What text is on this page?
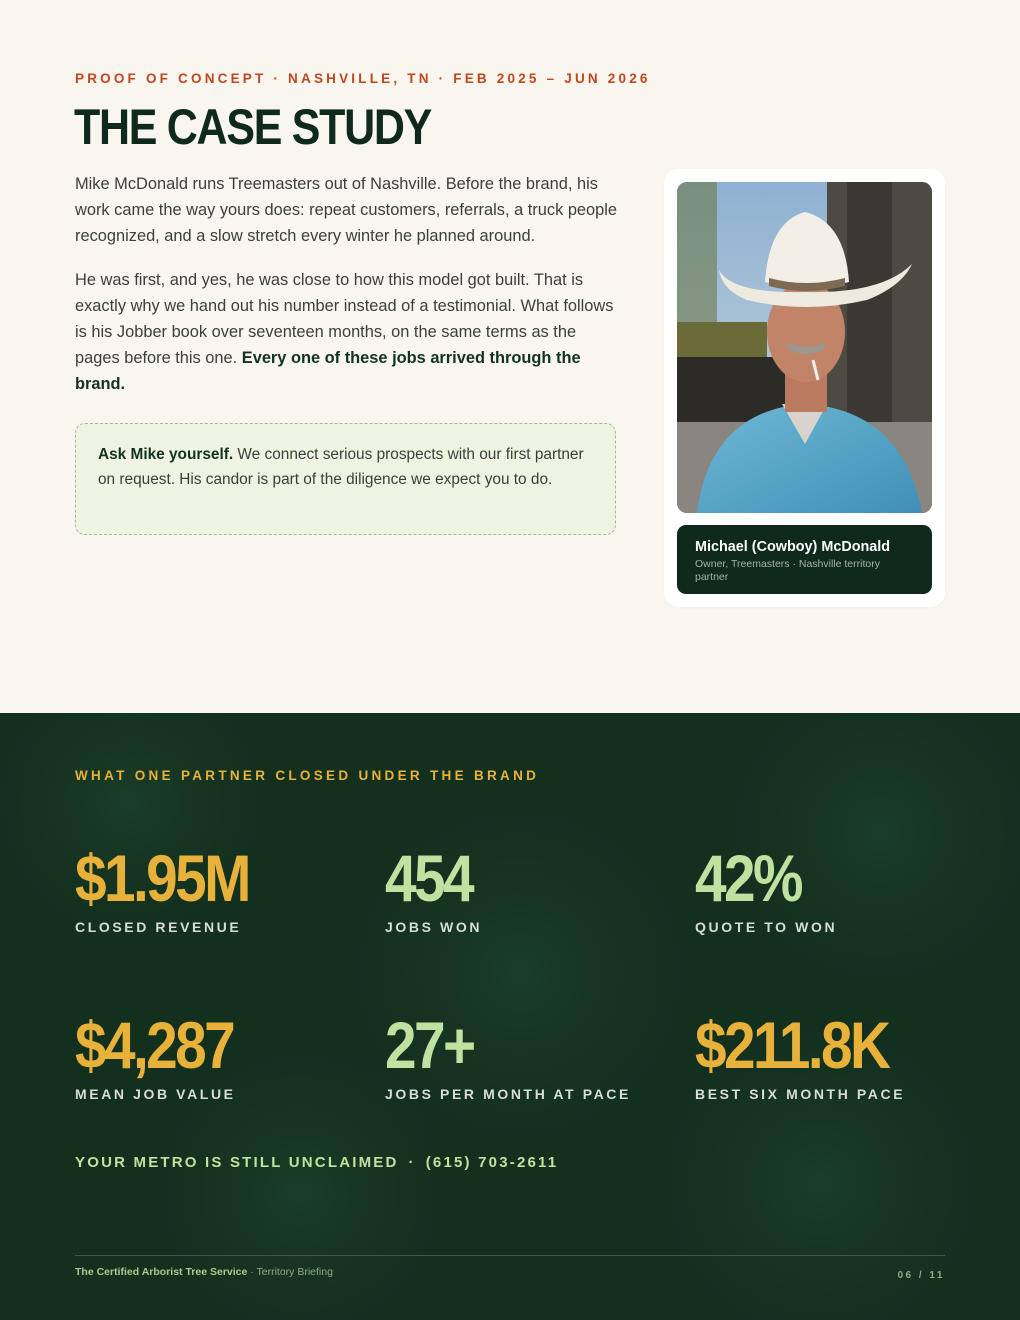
PROOF OF CONCEPT · NASHVILLE, TN · FEB 2025 – JUN 2026
THE CASE STUDY

Mike McDonald runs Treemasters out of Nashville. Before the brand, his work came the way yours does: repeat customers, referrals, a truck people recognized, and a slow stretch every winter he planned around.

He was first, and yes, he was close to how this model got built. That is exactly why we hand out his number instead of a testimonial. What follows is his Jobber book over seventeen months, on the same terms as the pages before this one. Every one of these jobs arrived through the brand.

Ask Mike yourself. We connect serious prospects with our first partner on request. His candor is part of the diligence we expect you to do.
Michael (Cowboy) McDonald
Owner, Treemasters · Nashville territory partner
WHAT ONE PARTNER CLOSED UNDER THE BRAND
$1.95M
CLOSED REVENUE
454
JOBS WON
42%
QUOTE TO WON
$4,287
MEAN JOB VALUE
27+
JOBS PER MONTH AT PACE
$211.8K
BEST SIX MONTH PACE
YOUR METRO IS STILL UNCLAIMED · (615) 703-2611
The Certified Arborist Tree Service · Territory Briefing	06 / 11
